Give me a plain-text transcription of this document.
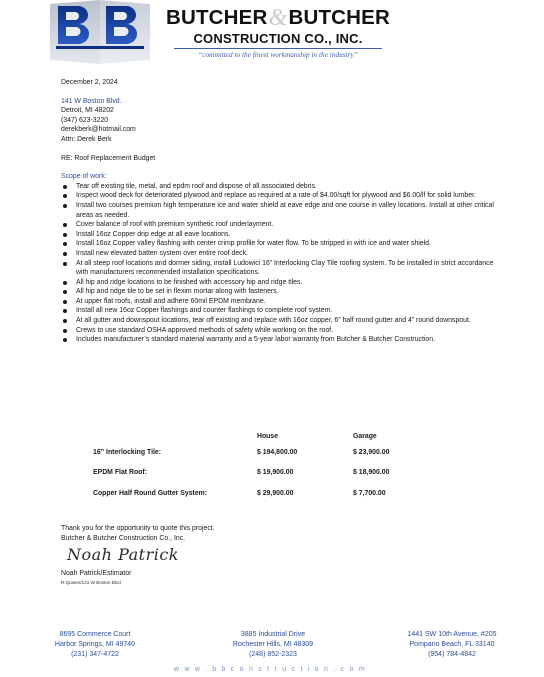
BUTCHER&BUTCHER
CONSTRUCTION CO., INC.
“committed to the finest workmanship in the industry”
December 2, 2024
141 W Boston Blvd.
Detroit, MI 48202
(347) 623-3220
derekberk@hotmail.com
Attn: Derek Berk
RE: Roof Replacement Budget
Scope of work:
Tear off existing tile, metal, and epdm roof and dispose of all associated debris.
Inspect wood deck for deteriorated plywood and replace as required at a rate of $4.00/sqft for plywood and $6.00/lf for solid lumber.
Install two courses premium high temperature ice and water shield at eave edge and one course in valley locations. Install at other critical areas as needed.
Cover balance of roof with premium synthetic roof underlayment.
Install 16oz Copper drip edge at all eave locations.
Install 16oz Copper valley flashing with center crimp profile for water flow. To be stripped in with ice and water shield.
Install new elevated batten system over entire roof deck.
At all steep roof locations and dormer siding, install Ludowici 16” Interlocking Clay Tile roofing system. To be installed in strict accordance with manufacturers recommended installation specifications.
All hip and ridge locations to be finished with accessory hip and ridge tiles.
All hip and ridge tile to be set in flexim mortar along with fasteners.
At upper flat roofs, install and adhere 60mil EPDM membrane.
Install all new 16oz Copper flashings and counter flashings to complete roof system.
At all gutter and downspout locations, tear off existing and replace with 16oz copper, 6” half round gutter and 4” round downspout.
Crews to use standard OSHA approved methods of safety while working on the roof.
Includes manufacturer’s standard material warranty and a 5-year labor warranty from Butcher & Butcher Construction.
	House	Garage
16” Interlocking Tile:	$ 194,800.00	$ 23,900.00
EPDM Flat Roof:	$ 19,900.00	$ 18,900.00
Copper Half Round Gutter System:	$ 29,900.00	$ 7,700.00
Thank you for the opportunity to quote this project.
Butcher & Butcher Construction Co., Inc.
Noah Patrick
Noah Patrick/Estimator
R:Quotes/141 W Boston Blvd
8695 Commerce Court
Harbor Springs, MI 49740
(231) 347-4722
3885 Industrial Drive
Rochester Hills, MI 48309
(248) 852-2323
1441 SW 10th Avenue, #205
Pompano Beach, FL 33140
(954) 784-4842
www.bbconstruction.com
